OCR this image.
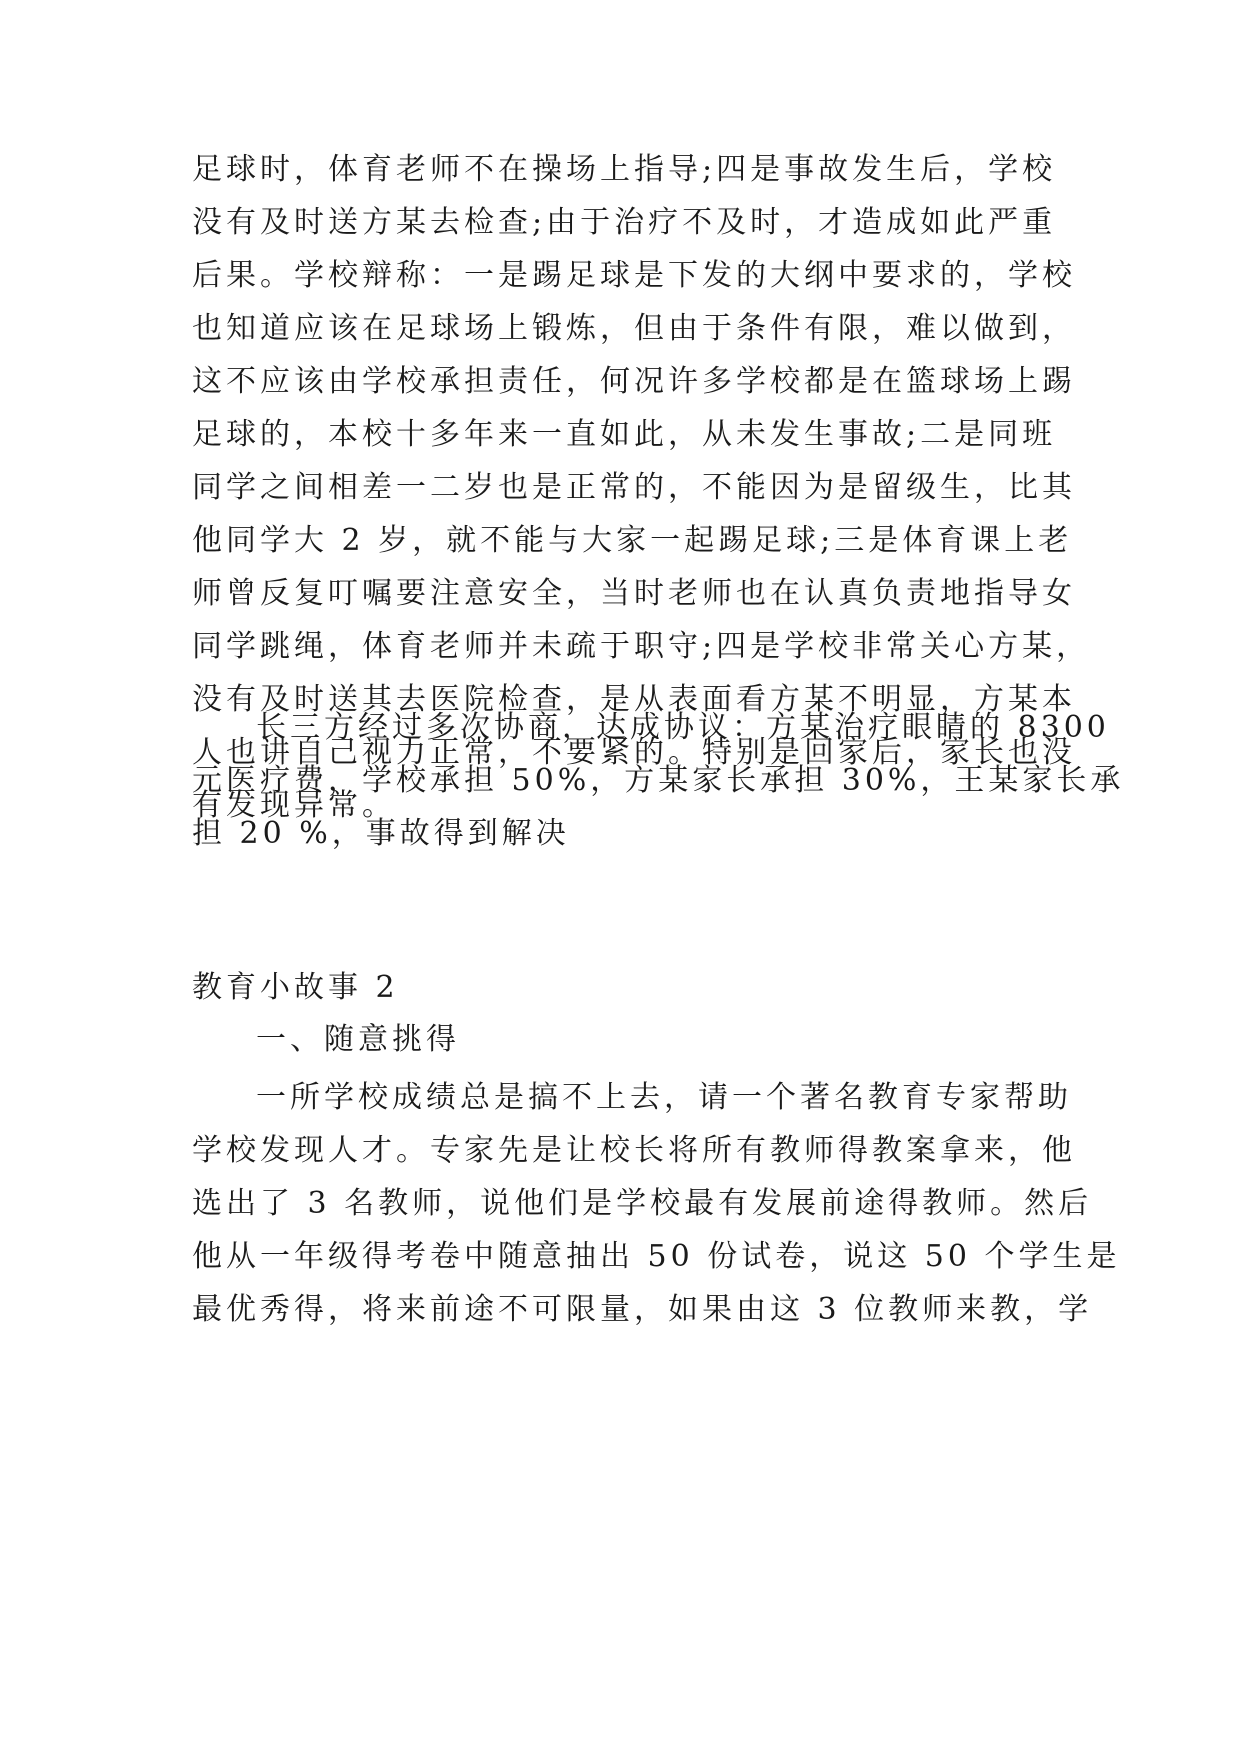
足球时，体育老师不在操场上指导;四是事故发生后，学校
没有及时送方某去检查;由于治疗不及时，才造成如此严重
后果。学校辩称：一是踢足球是下发的大纲中要求的，学校
也知道应该在足球场上锻炼，但由于条件有限，难以做到，
这不应该由学校承担责任，何况许多学校都是在篮球场上踢
足球的，本校十多年来一直如此，从未发生事故;二是同班
同学之间相差一二岁也是正常的，不能因为是留级生，比其
他同学大 2 岁，就不能与大家一起踢足球;三是体育课上老
师曾反复叮嘱要注意安全，当时老师也在认真负责地指导女
同学跳绳，体育老师并未疏于职守;四是学校非常关心方某，
没有及时送其去医院检查，是从表面看方某不明显，方某本
人也讲自己视力正常，不要紧的。特别是回家后，家长也没
有发现异常。
长三方经过多次协商，达成协议：方某治疗眼睛的 8300
元医疗费，学校承担 50%，方某家长承担 30%，王某家长承
担 20 %，事故得到解决
教育小故事 2
一、随意挑得
一所学校成绩总是搞不上去，请一个著名教育专家帮助
学校发现人才。专家先是让校长将所有教师得教案拿来，他
选出了 3 名教师，说他们是学校最有发展前途得教师。然后
他从一年级得考卷中随意抽出 50 份试卷，说这 50 个学生是
最优秀得，将来前途不可限量，如果由这 3 位教师来教，学
